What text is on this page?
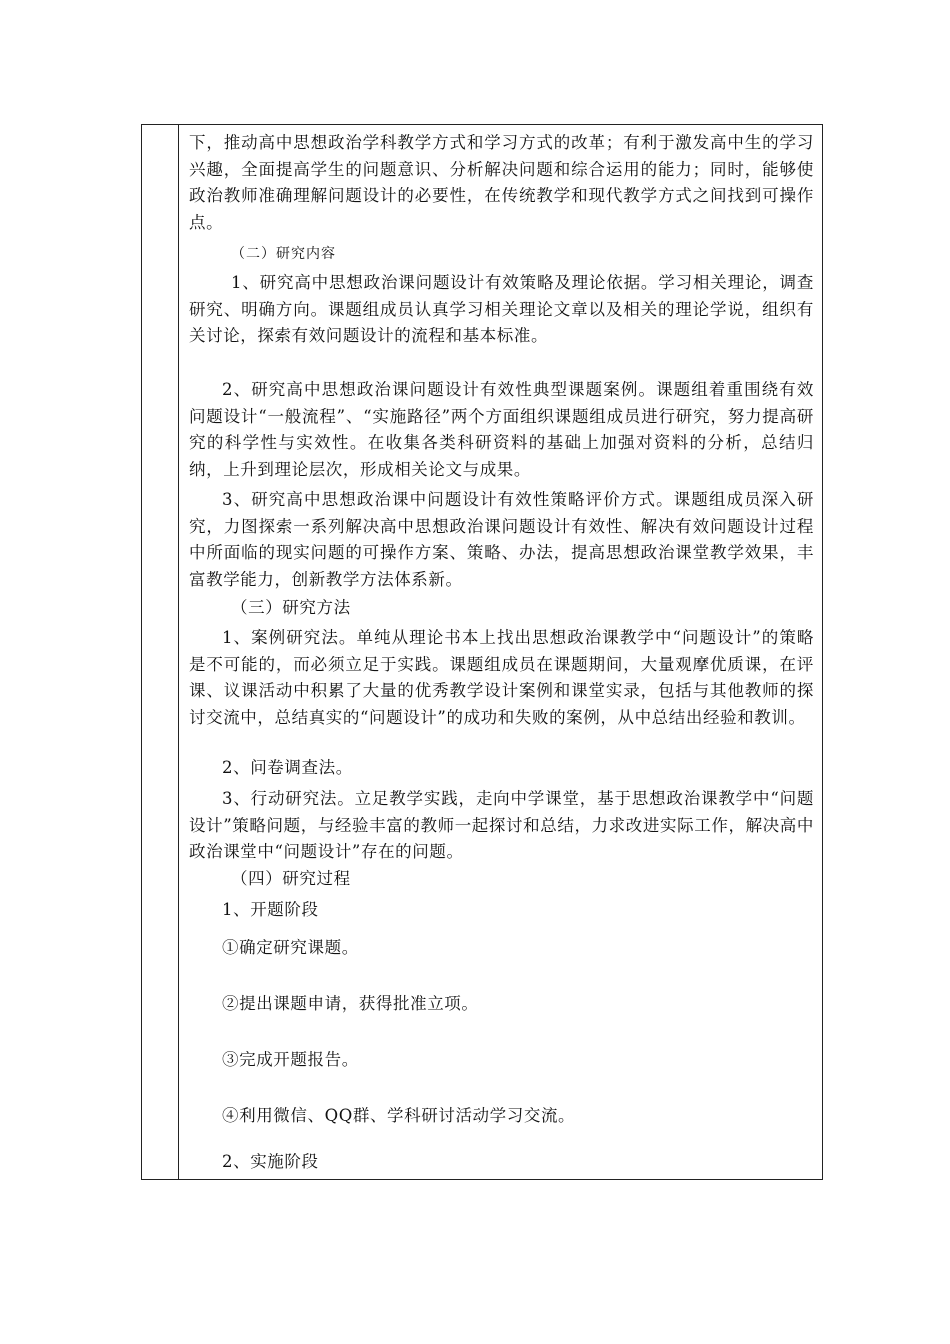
下，推动高中思想政治学科教学方式和学习方式的改革；有利于激发高中生的学习兴趣，全面提高学生的问题意识、分析解决问题和综合运用的能力；同时，能够使政治教师准确理解问题设计的必要性，在传统教学和现代教学方式之间找到可操作点。

（二）研究内容

1、研究高中思想政治课问题设计有效策略及理论依据。学习相关理论，调查研究、明确方向。课题组成员认真学习相关理论文章以及相关的理论学说，组织有关讨论，探索有效问题设计的流程和基本标准。

2、研究高中思想政治课问题设计有效性典型课题案例。课题组着重围绕有效问题设计“一般流程”、“实施路径”两个方面组织课题组成员进行研究，努力提高研究的科学性与实效性。在收集各类科研资料的基础上加强对资料的分析，总结归纳，上升到理论层次，形成相关论文与成果。

3、研究高中思想政治课中问题设计有效性策略评价方式。课题组成员深入研究，力图探索一系列解决高中思想政治课问题设计有效性、解决有效问题设计过程中所面临的现实问题的可操作方案、策略、办法，提高思想政治课堂教学效果，丰富教学能力，创新教学方法体系新。

（三）研究方法

1、案例研究法。单纯从理论书本上找出思想政治课教学中“问题设计”的策略是不可能的，而必须立足于实践。课题组成员在课题期间，大量观摩优质课，在评课、议课活动中积累了大量的优秀教学设计案例和课堂实录，包括与其他教师的探讨交流中，总结真实的“问题设计”的成功和失败的案例，从中总结出经验和教训。

2、问卷调查法。

3、行动研究法。立足教学实践，走向中学课堂，基于思想政治课教学中“问题设计”策略问题，与经验丰富的教师一起探讨和总结，力求改进实际工作，解决高中政治课堂中“问题设计”存在的问题。

（四）研究过程

1、开题阶段

①确定研究课题。

②提出课题申请，获得批准立项。

③完成开题报告。

④利用微信、QQ群、学科研讨活动学习交流。

2、实施阶段
